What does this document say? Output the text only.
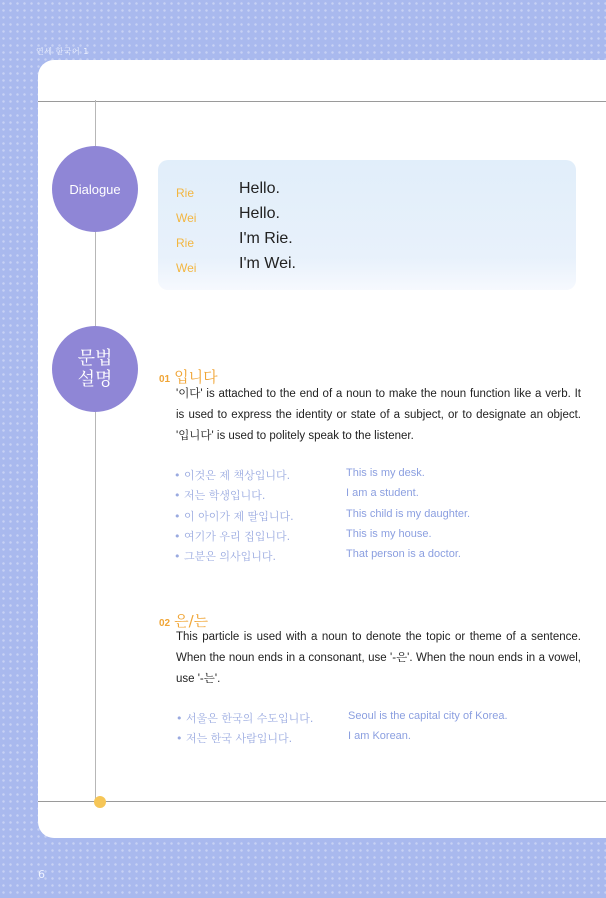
연세 한국어 1
Dialogue	Rie	Hello.
Wei	Hello.
Rie	I'm Rie.
Wei	I'm Wei.
문법
설명	01 입니다
'이다' is attached to the end of a noun to make the noun function like a verb. It is used to express the identity or state of a subject, or to designate an object. '입니다' is used to politely speak to the listener.
• 이것은 제 책상입니다.	This is my desk.
• 저는 학생입니다.	I am a student.
• 이 아이가 제 딸입니다.	This child is my daughter.
• 여기가 우리 집입니다.	This is my house.
• 그분은 의사입니다.	That person is a doctor.
02 은/는
This particle is used with a noun to denote the topic or theme of a sentence. When the noun ends in a consonant, use '-은'. When the noun ends in a vowel, use '-는'.
• 서울은 한국의 수도입니다.	Seoul is the capital city of Korea.
• 저는 한국 사람입니다.	I am Korean.
6
